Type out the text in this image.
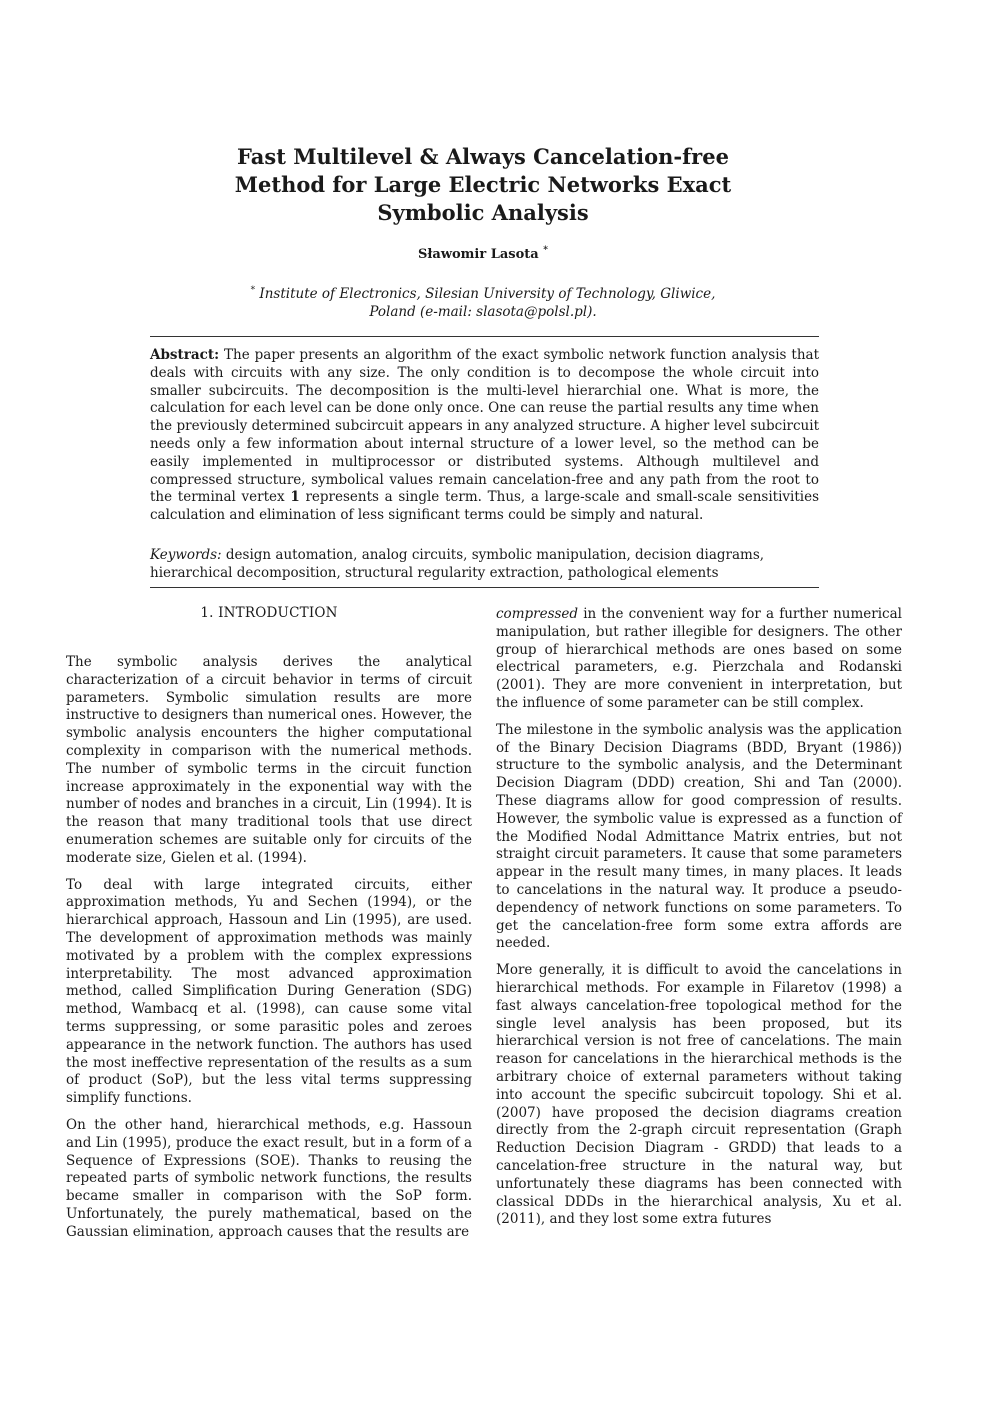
Fast Multilevel & Always Cancelation-free Method for Large Electric Networks Exact Symbolic Analysis
Sławomir Lasota *
* Institute of Electronics, Silesian University of Technology, Gliwice, Poland (e-mail: slasota@polsl.pl).
Abstract: The paper presents an algorithm of the exact symbolic network function analysis that deals with circuits with any size. The only condition is to decompose the whole circuit into smaller subcircuits. The decomposition is the multi-level hierarchial one. What is more, the calculation for each level can be done only once. One can reuse the partial results any time when the previously determined subcircuit appears in any analyzed structure. A higher level subcircuit needs only a few information about internal structure of a lower level, so the method can be easily implemented in multiprocessor or distributed systems. Although multilevel and compressed structure, symbolical values remain cancelation-free and any path from the root to the terminal vertex 1 represents a single term. Thus, a large-scale and small-scale sensitivities calculation and elimination of less significant terms could be simply and natural.
Keywords: design automation, analog circuits, symbolic manipulation, decision diagrams, hierarchical decomposition, structural regularity extraction, pathological elements
1. INTRODUCTION

The symbolic analysis derives the analytical characterization of a circuit behavior in terms of circuit parameters. Symbolic simulation results are more instructive to designers than numerical ones. However, the symbolic analysis encounters the higher computational complexity in comparison with the numerical methods. The number of symbolic terms in the circuit function increase approximately in the exponential way with the number of nodes and branches in a circuit, Lin (1994). It is the reason that many traditional tools that use direct enumeration schemes are suitable only for circuits of the moderate size, Gielen et al. (1994).

To deal with large integrated circuits, either approximation methods, Yu and Sechen (1994), or the hierarchical approach, Hassoun and Lin (1995), are used. The development of approximation methods was mainly motivated by a problem with the complex expressions interpretability. The most advanced approximation method, called Simplification During Generation (SDG) method, Wambacq et al. (1998), can cause some vital terms suppressing, or some parasitic poles and zeroes appearance in the network function. The authors has used the most ineffective representation of the results as a sum of product (SoP), but the less vital terms suppressing simplify functions.

On the other hand, hierarchical methods, e.g. Hassoun and Lin (1995), produce the exact result, but in a form of a Sequence of Expressions (SOE). Thanks to reusing the repeated parts of symbolic network functions, the results became smaller in comparison with the SoP form. Unfortunately, the purely mathematical, based on the Gaussian elimination, approach causes that the results are

compressed in the convenient way for a further numerical manipulation, but rather illegible for designers. The other group of hierarchical methods are ones based on some electrical parameters, e.g. Pierzchala and Rodanski (2001). They are more convenient in interpretation, but the influence of some parameter can be still complex.

The milestone in the symbolic analysis was the application of the Binary Decision Diagrams (BDD, Bryant (1986)) structure to the symbolic analysis, and the Determinant Decision Diagram (DDD) creation, Shi and Tan (2000). These diagrams allow for good compression of results. However, the symbolic value is expressed as a function of the Modified Nodal Admittance Matrix entries, but not straight circuit parameters. It cause that some parameters appear in the result many times, in many places. It leads to cancelations in the natural way. It produce a pseudo-dependency of network functions on some parameters. To get the cancelation-free form some extra affords are needed.

More generally, it is difficult to avoid the cancelations in hierarchical methods. For example in Filaretov (1998) a fast always cancelation-free topological method for the single level analysis has been proposed, but its hierarchical version is not free of cancelations. The main reason for cancelations in the hierarchical methods is the arbitrary choice of external parameters without taking into account the specific subcircuit topology. Shi et al. (2007) have proposed the decision diagrams creation directly from the 2-graph circuit representation (Graph Reduction Decision Diagram - GRDD) that leads to a cancelation-free structure in the natural way, but unfortunately these diagrams has been connected with classical DDDs in the hierarchical analysis, Xu et al. (2011), and they lost some extra futures
